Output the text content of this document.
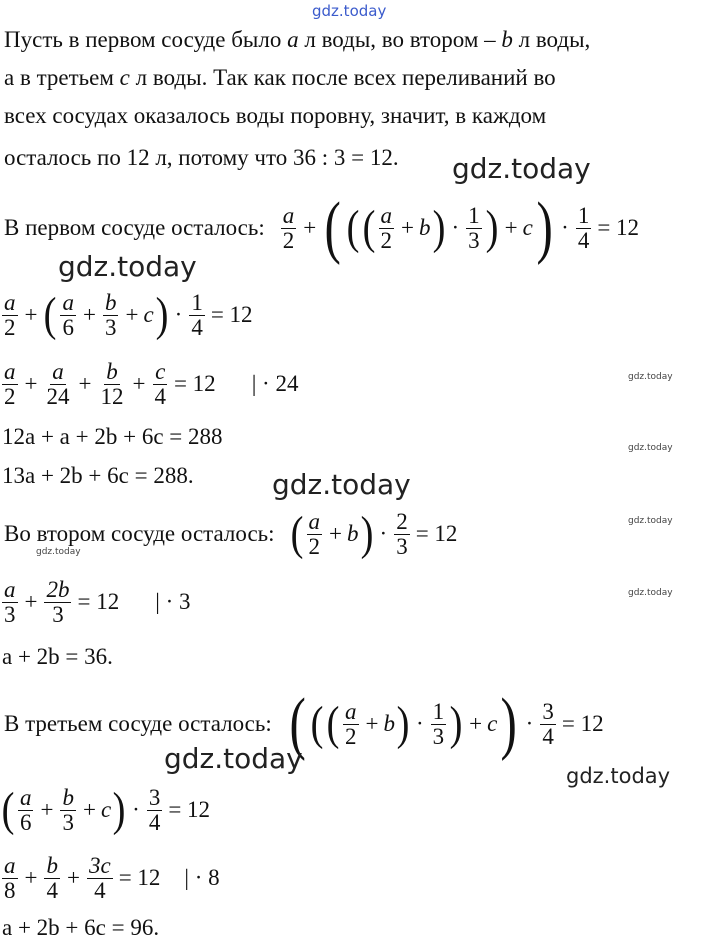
gdz.today
Пусть в первом сосуде было a л воды, во втором – b л воды,
а в третьем c л воды. Так как после всех переливаний во
всех сосудах оказалось воды поровну, значит, в каждом
осталось по 12 л, потому что 36 : 3 = 12. gdz.today
В первом сосуде осталось: $\frac{a}{2}$ + ( ( ( $\frac{a}{2} + b$ ) · $\frac{1}{3}$ ) + c ) · $\frac{1}{4} = 12$
gdz.today
$\frac{a}{2}$ + ( $\frac{a}{6} + \frac{b}{3} + c$ ) · $\frac{1}{4} = 12$
$\frac{a}{2} + \frac{a}{24} + \frac{b}{12} + \frac{c}{4} = 12$ | · 24	gdz.today
12a + a + 2b + 6c = 288	gdz.today
13a + 2b + 6c = 288.	gdz.today
Во втором сосуде осталось: ( $\frac{a}{2} + b$ ) · $\frac{2}{3} = 12$
gdz.today
gdz.today
$\frac{a}{3} + \frac{2b}{3} = 12$ | · 3	gdz.today
a + 2b = 36.
В третьем сосуде осталось: ( ( ( $\frac{a}{2} + b$ ) · $\frac{1}{3}$ ) + c ) · $\frac{3}{4} = 12$
gdz.today
gdz.today
( $\frac{a}{6} + \frac{b}{3} + c$ ) · $\frac{3}{4} = 12$
$\frac{a}{8} + \frac{b}{4} + \frac{3c}{4} = 12$ | · 8
a + 2b + 6c = 96.
